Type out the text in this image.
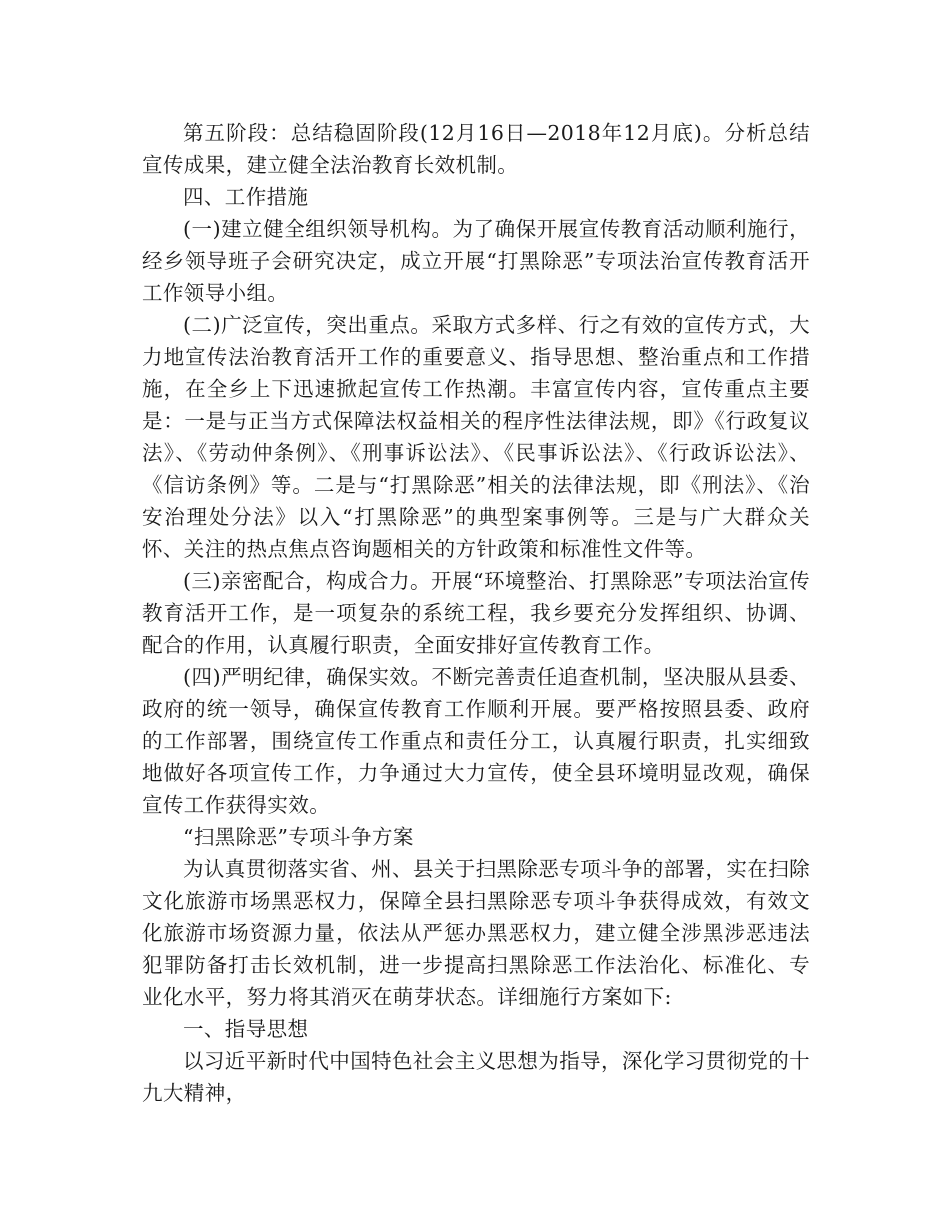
第五阶段：总结稳固阶段(12月16日—2018年12月底)。分析总结宣传成果，建立健全法治教育长效机制。

四、工作措施

(一)建立健全组织领导机构。为了确保开展宣传教育活动顺利施行，经乡领导班子会研究决定，成立开展“打黑除恶”专项法治宣传教育活开工作领导小组。

(二)广泛宣传，突出重点。采取方式多样、行之有效的宣传方式，大力地宣传法治教育活开工作的重要意义、指导思想、整治重点和工作措施，在全乡上下迅速掀起宣传工作热潮。丰富宣传内容，宣传重点主要是：一是与正当方式保障法权益相关的程序性法律法规，即》《行政复议法》、《劳动仲条例》、《刑事诉讼法》、《民事诉讼法》、《行政诉讼法》、《信访条例》等。二是与“打黑除恶”相关的法律法规，即《刑法》、《治安治理处分法》以入“打黑除恶”的典型案事例等。三是与广大群众关怀、关注的热点焦点咨询题相关的方针政策和标准性文件等。

(三)亲密配合，构成合力。开展“环境整治、打黑除恶”专项法治宣传教育活开工作，是一项复杂的系统工程，我乡要充分发挥组织、协调、配合的作用，认真履行职责，全面安排好宣传教育工作。

(四)严明纪律，确保实效。不断完善责任追查机制，坚决服从县委、政府的统一领导，确保宣传教育工作顺利开展。要严格按照县委、政府的工作部署，围绕宣传工作重点和责任分工，认真履行职责，扎实细致地做好各项宣传工作，力争通过大力宣传，使全县环境明显改观，确保宣传工作获得实效。

“扫黑除恶”专项斗争方案

为认真贯彻落实省、州、县关于扫黑除恶专项斗争的部署，实在扫除文化旅游市场黑恶权力，保障全县扫黑除恶专项斗争获得成效，有效文化旅游市场资源力量，依法从严惩办黑恶权力，建立健全涉黑涉恶违法犯罪防备打击长效机制，进一步提高扫黑除恶工作法治化、标准化、专业化水平，努力将其消灭在萌芽状态。详细施行方案如下:

一、指导思想

以习近平新时代中国特色社会主义思想为指导，深化学习贯彻党的十九大精神，
